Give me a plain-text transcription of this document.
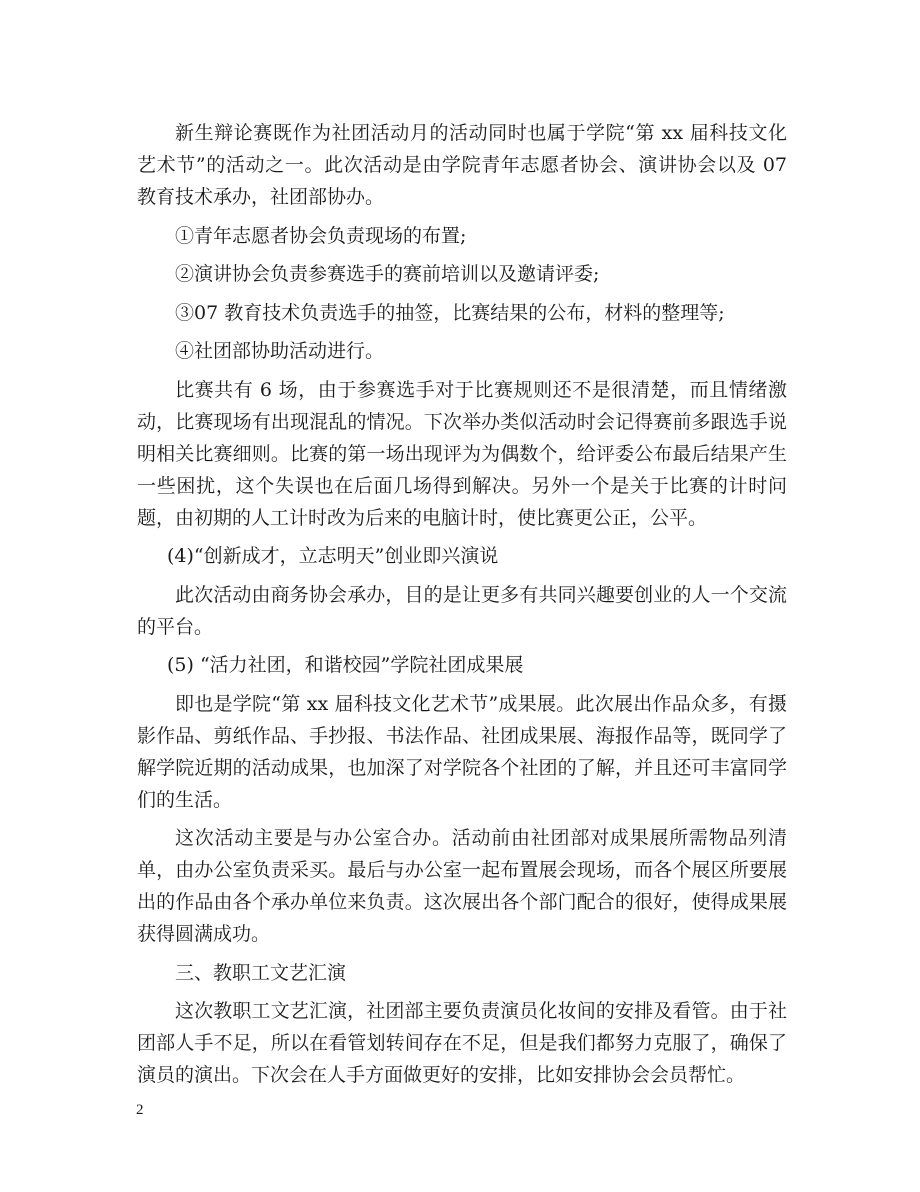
新生辩论赛既作为社团活动月的活动同时也属于学院“第 xx 届科技文化艺术节”的活动之一。此次活动是由学院青年志愿者协会、演讲协会以及 07 教育技术承办，社团部协办。

①青年志愿者协会负责现场的布置;

②演讲协会负责参赛选手的赛前培训以及邀请评委;

③07 教育技术负责选手的抽签，比赛结果的公布，材料的整理等;

④社团部协助活动进行。

比赛共有 6 场，由于参赛选手对于比赛规则还不是很清楚，而且情绪激动，比赛现场有出现混乱的情况。下次举办类似活动时会记得赛前多跟选手说明相关比赛细则。比赛的第一场出现评为为偶数个，给评委公布最后结果产生一些困扰，这个失误也在后面几场得到解决。另外一个是关于比赛的计时问题，由初期的人工计时改为后来的电脑计时，使比赛更公正，公平。

(4)“创新成才，立志明天”创业即兴演说

此次活动由商务协会承办，目的是让更多有共同兴趣要创业的人一个交流的平台。

(5) “活力社团，和谐校园”学院社团成果展

即也是学院“第 xx 届科技文化艺术节”成果展。此次展出作品众多，有摄影作品、剪纸作品、手抄报、书法作品、社团成果展、海报作品等，既同学了解学院近期的活动成果，也加深了对学院各个社团的了解，并且还可丰富同学们的生活。

这次活动主要是与办公室合办。活动前由社团部对成果展所需物品列清单，由办公室负责采买。最后与办公室一起布置展会现场，而各个展区所要展出的作品由各个承办单位来负责。这次展出各个部门配合的很好，使得成果展获得圆满成功。

三、教职工文艺汇演

这次教职工文艺汇演，社团部主要负责演员化妆间的安排及看管。由于社团部人手不足，所以在看管划转间存在不足，但是我们都努力克服了，确保了演员的演出。下次会在人手方面做更好的安排，比如安排协会会员帮忙。

2
